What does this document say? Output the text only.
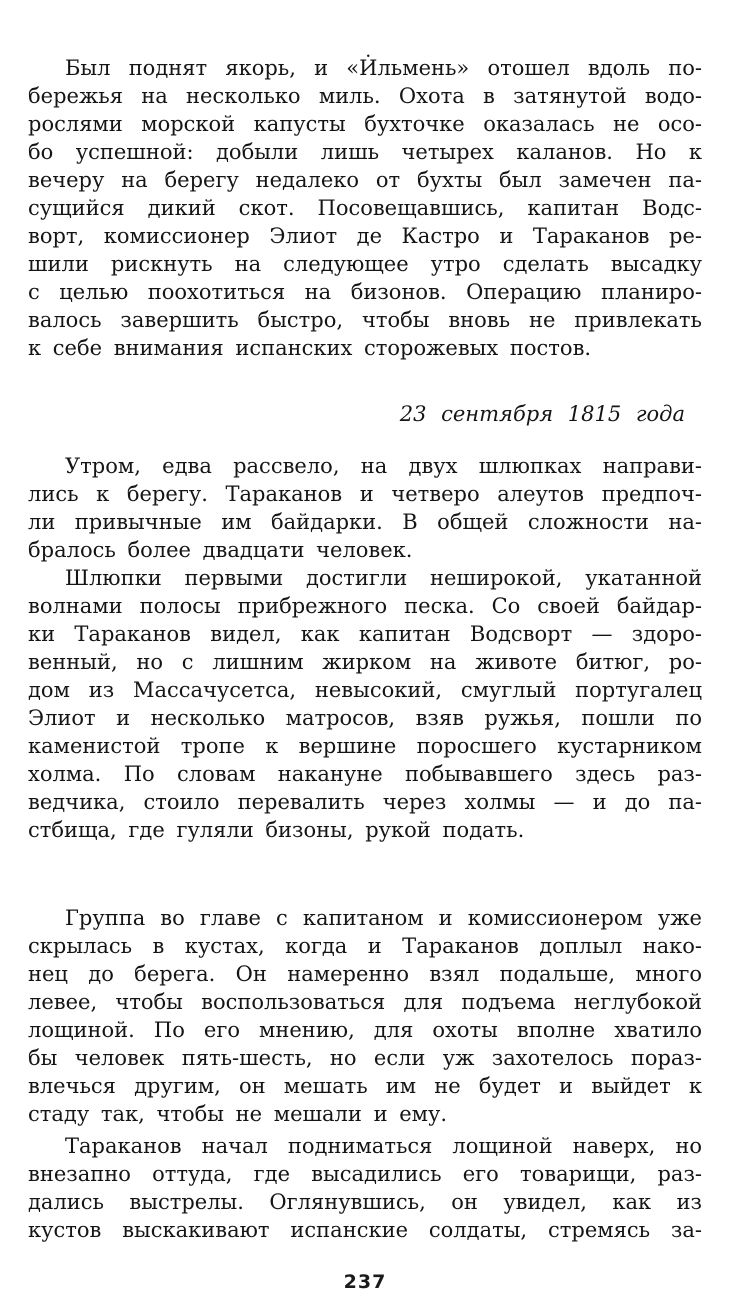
Был поднят якорь, и «И̇льмень» отошел вдоль по-
бережья на несколько миль. Охота в затянутой водо-
рослями морской капусты бухточке оказалась не осо-
бо успешной: добыли лишь четырех каланов. Но к
вечеру на берегу недалеко от бухты был замечен па-
сущийся дикий скот. Посовещавшись, капитан Водс-
ворт, комиссионер Элиот де Кастро и Тараканов ре-
шили рискнуть на следующее утро сделать высадку
с целью поохотиться на бизонов. Операцию планиро-
валось завершить быстро, чтобы вновь не привлекать
к себе внимания испанских сторожевых постов.
23 сентября 1815 года
Утром, едва рассвело, на двух шлюпках направи-
лись к берегу. Тараканов и четверо алеутов предпоч-
ли привычные им байдарки. В общей сложности на-
бралось более двадцати человек.
Шлюпки первыми достигли неширокой, укатанной
волнами полосы прибрежного песка. Со своей байдар-
ки Тараканов видел, как капитан Водсворт — здоро-
венный, но с лишним жирком на животе битюг, ро-
дом из Массачусетса, невысокий, смуглый португалец
Элиот и несколько матросов, взяв ружья, пошли по
каменистой тропе к вершине поросшего кустарником
холма. По словам накануне побывавшего здесь раз-
ведчика, стоило перевалить через холмы — и до па-
стбища, где гуляли бизоны, рукой подать.
Группа во главе с капитаном и комиссионером уже
скрылась в кустах, когда и Тараканов доплыл нако-
нец до берега. Он намеренно взял подальше, много
левее, чтобы воспользоваться для подъема неглубокой
лощиной. По его мнению, для охоты вполне хватило
бы человек пять-шесть, но если уж захотелось пораз-
влечься другим, он мешать им не будет и выйдет к
стаду так, чтобы не мешали и ему.
Тараканов начал подниматься лощиной наверх, но
внезапно оттуда, где высадились его товарищи, раз-
дались выстрелы. Оглянувшись, он увидел, как из
кустов выскакивают испанские солдаты, стремясь за-
237
